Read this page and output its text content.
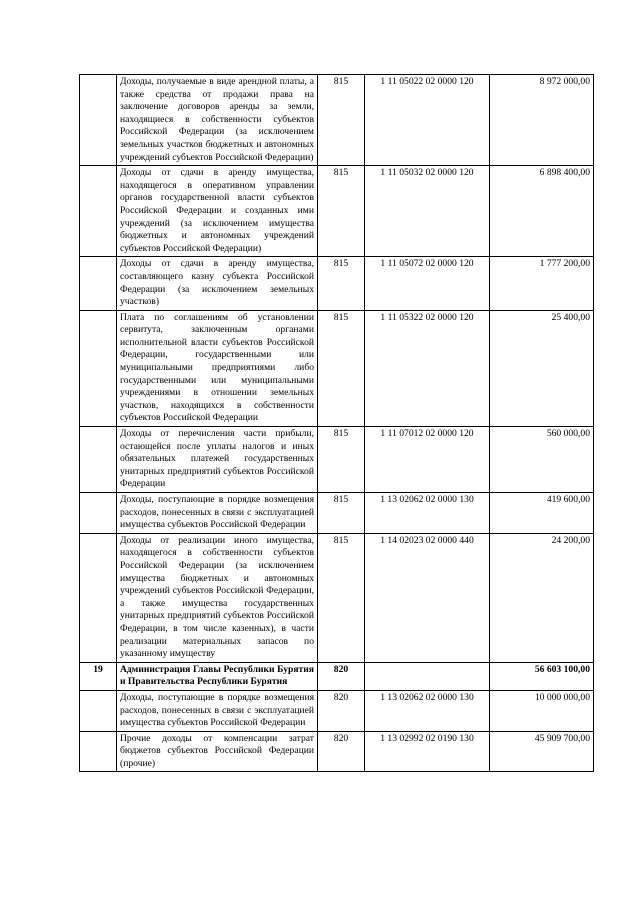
	Доходы, получаемые в виде арендной платы, а также средства от продажи права на заключение договоров аренды за земли, находящиеся в собственности субъектов Российской Федерации (за исключением земельных участков бюджетных и автономных учреждений субъектов Российской Федерации)	815	1 11 05022 02 0000 120	8 972 000,00
	Доходы от сдачи в аренду имущества, находящегося в оперативном управлении органов государственной власти субъектов Российской Федерации и созданных ими учреждений (за исключением имущества бюджетных и автономных учреждений субъектов Российской Федерации)	815	1 11 05032 02 0000 120	6 898 400,00
	Доходы от сдачи в аренду имущества, составляющего казну субъекта Российской Федерации (за исключением земельных участков)	815	1 11 05072 02 0000 120	1 777 200,00
	Плата по соглашениям об установлении сервитута, заключенным органами исполнительной власти субъектов Российской Федерации, государственными или муниципальными предприятиями либо государственными или муниципальными учреждениями в отношении земельных участков, находящихся в собственности субъектов Российской Федерации	815	1 11 05322 02 0000 120	25 400,00
	Доходы от перечисления части прибыли, остающейся после уплаты налогов и иных обязательных платежей государственных унитарных предприятий субъектов Российской Федерации	815	1 11 07012 02 0000 120	560 000,00
	Доходы, поступающие в порядке возмещения расходов, понесенных в связи с эксплуатацией имущества субъектов Российской Федерации	815	1 13 02062 02 0000 130	419 600,00
	Доходы от реализации иного имущества, находящегося в собственности субъектов Российской Федерации (за исключением имущества бюджетных и автономных учреждений субъектов Российской Федерации, а также имущества государственных унитарных предприятий субъектов Российской Федерации, в том числе казенных), в части реализации материальных запасов по указанному имуществу	815	1 14 02023 02 0000 440	24 200,00
19	Администрация Главы Республики Бурятия и Правительства Республики Бурятия	820		56 603 100,00
	Доходы, поступающие в порядке возмещения расходов, понесенных в связи с эксплуатацией имущества субъектов Российской Федерации	820	1 13 02062 02 0000 130	10 000 000,00
	Прочие доходы от компенсации затрат бюджетов субъектов Российской Федерации (прочие)	820	1 13 02992 02 0190 130	45 909 700,00
